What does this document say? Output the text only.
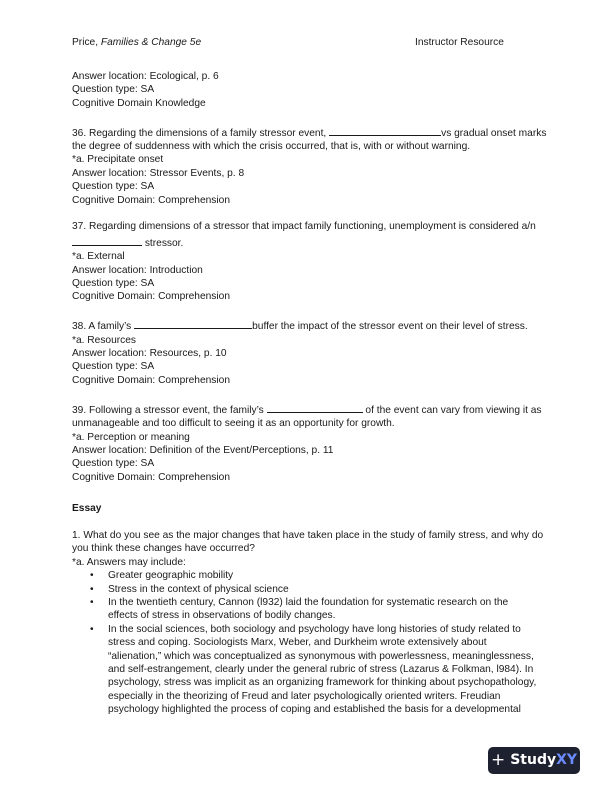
Price, Families & Change 5e	Instructor Resource
Answer location: Ecological, p. 6
Question type: SA
Cognitive Domain Knowledge
36. Regarding the dimensions of a family stressor event,	vs gradual onset marks
the degree of suddenness with which the crisis occurred, that is, with or without warning.
*a. Precipitate onset
Answer location: Stressor Events, p. 8
Question type: SA
Cognitive Domain: Comprehension
37. Regarding dimensions of a stressor that impact family functioning, unemployment is considered a/n
stressor.
*a. External
Answer location: Introduction
Question type: SA
Cognitive Domain: Comprehension
38. A family’s	buffer the impact of the stressor event on their level of stress.
*a. Resources
Answer location: Resources, p. 10
Question type: SA
Cognitive Domain: Comprehension
39. Following a stressor event, the family’s	of the event can vary from viewing it as
unmanageable and too difficult to seeing it as an opportunity for growth.
*a. Perception or meaning
Answer location: Definition of the Event/Perceptions, p. 11
Question type: SA
Cognitive Domain: Comprehension
Essay
1. What do you see as the major changes that have taken place in the study of family stress, and why do
you think these changes have occurred?
*a. Answers may include:
• Greater geographic mobility
• Stress in the context of physical science
• In the twentieth century, Cannon (l932) laid the foundation for systematic research on the
effects of stress in observations of bodily changes.
• In the social sciences, both sociology and psychology have long histories of study related to
stress and coping. Sociologists Marx, Weber, and Durkheim wrote extensively about
“alienation,” which was conceptualized as synonymous with powerlessness, meaninglessness,
and self-estrangement, clearly under the general rubric of stress (Lazarus & Folkman, l984). In
psychology, stress was implicit as an organizing framework for thinking about psychopathology,
especially in the theorizing of Freud and later psychologically oriented writers. Freudian
psychology highlighted the process of coping and established the basis for a developmental
+ StudyXY
